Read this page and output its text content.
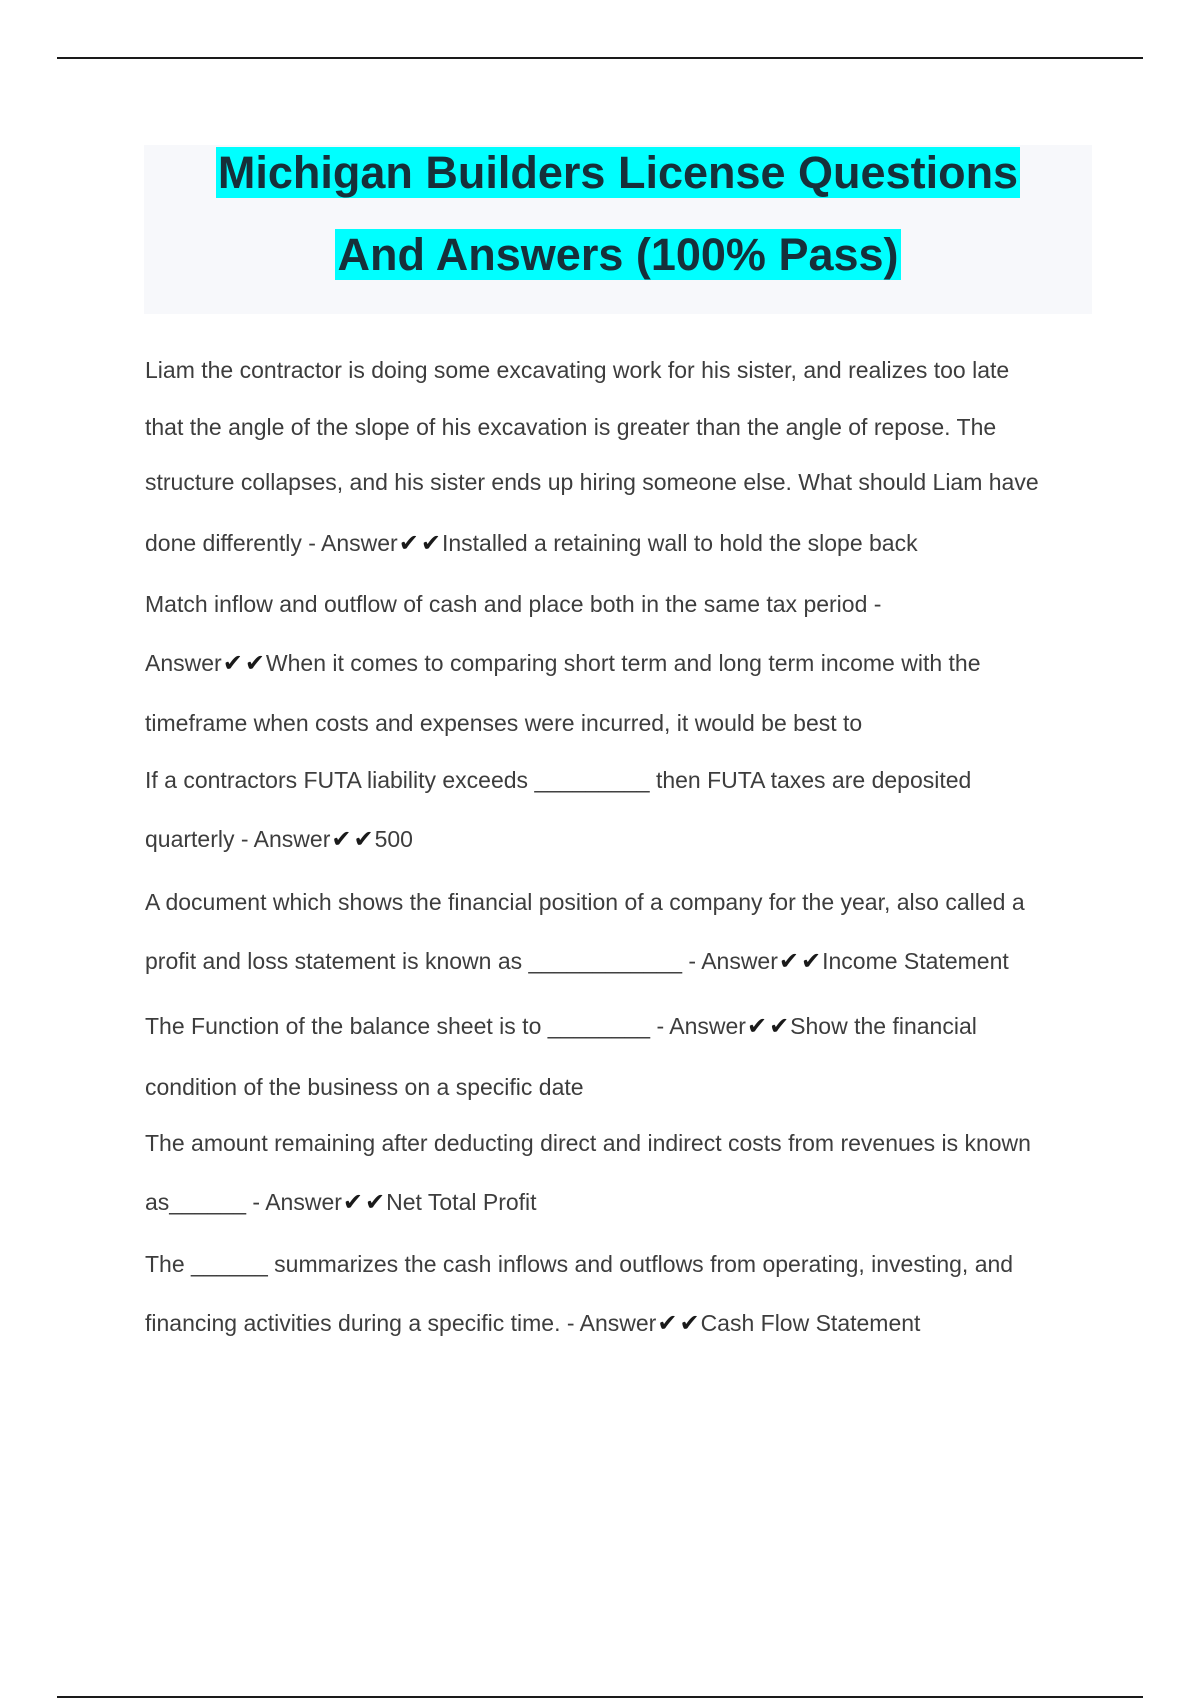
Michigan Builders License Questions
And Answers (100% Pass)
Liam the contractor is doing some excavating work for his sister, and realizes too late
that the angle of the slope of his excavation is greater than the angle of repose. The
structure collapses, and his sister ends up hiring someone else. What should Liam have
done differently - Answer✔✔Installed a retaining wall to hold the slope back
Match inflow and outflow of cash and place both in the same tax period -
Answer✔✔When it comes to comparing short term and long term income with the
timeframe when costs and expenses were incurred, it would be best to
If a contractors FUTA liability exceeds _________ then FUTA taxes are deposited
quarterly - Answer✔✔500
A document which shows the financial position of a company for the year, also called a
profit and loss statement is known as ____________ - Answer✔✔Income Statement
The Function of the balance sheet is to ________ - Answer✔✔Show the financial
condition of the business on a specific date
The amount remaining after deducting direct and indirect costs from revenues is known
as______ - Answer✔✔Net Total Profit
The ______ summarizes the cash inflows and outflows from operating, investing, and
financing activities during a specific time. - Answer✔✔Cash Flow Statement
